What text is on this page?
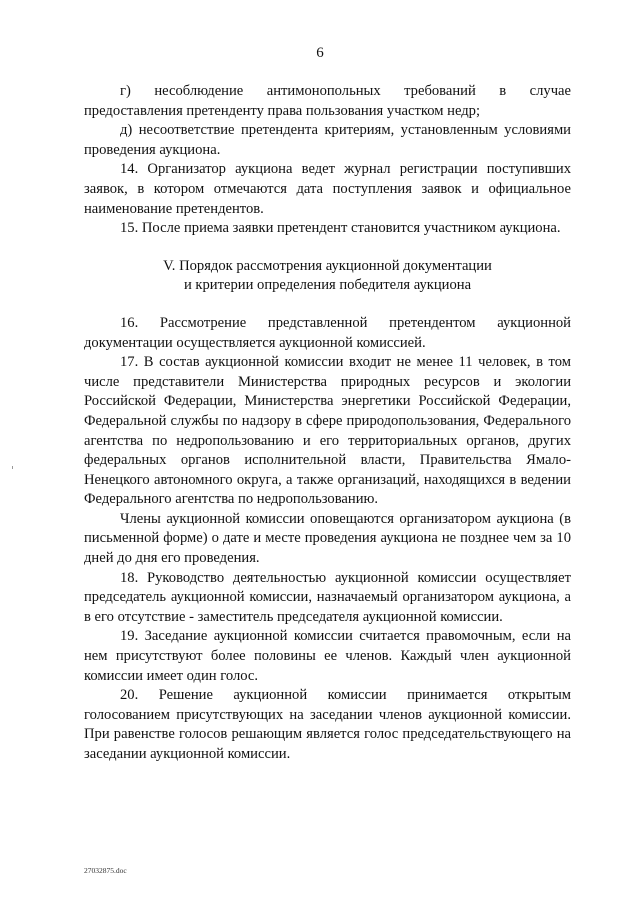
6

г) несоблюдение антимонопольных требований в случае предоставления претенденту права пользования участком недр;

д) несоответствие претендента критериям, установленным условиями проведения аукциона.

14. Организатор аукциона ведет журнал регистрации поступивших заявок, в котором отмечаются дата поступления заявок и официальное наименование претендентов.

15. После приема заявки претендент становится участником аукциона.

V. Порядок рассмотрения аукционной документации
и критерии определения победителя аукциона

16. Рассмотрение представленной претендентом аукционной документации осуществляется аукционной комиссией.

17. В состав аукционной комиссии входит не менее 11 человек, в том числе представители Министерства природных ресурсов и экологии Российской Федерации, Министерства энергетики Российской Федерации, Федеральной службы по надзору в сфере природопользования, Федерального агентства по недропользованию и его территориальных органов, других федеральных органов исполнительной власти, Правительства Ямало-Ненецкого автономного округа, а также организаций, находящихся в ведении Федерального агентства по недропользованию.

Члены аукционной комиссии оповещаются организатором аукциона (в письменной форме) о дате и месте проведения аукциона не позднее чем за 10 дней до дня его проведения.

18. Руководство деятельностью аукционной комиссии осуществляет председатель аукционной комиссии, назначаемый организатором аукциона, а в его отсутствие - заместитель председателя аукционной комиссии.

19. Заседание аукционной комиссии считается правомочным, если на нем присутствуют более половины ее членов. Каждый член аукционной комиссии имеет один голос.

20. Решение аукционной комиссии принимается открытым голосованием присутствующих на заседании членов аукционной комиссии. При равенстве голосов решающим является голос председательствующего на заседании аукционной комиссии.

27032875.doc
